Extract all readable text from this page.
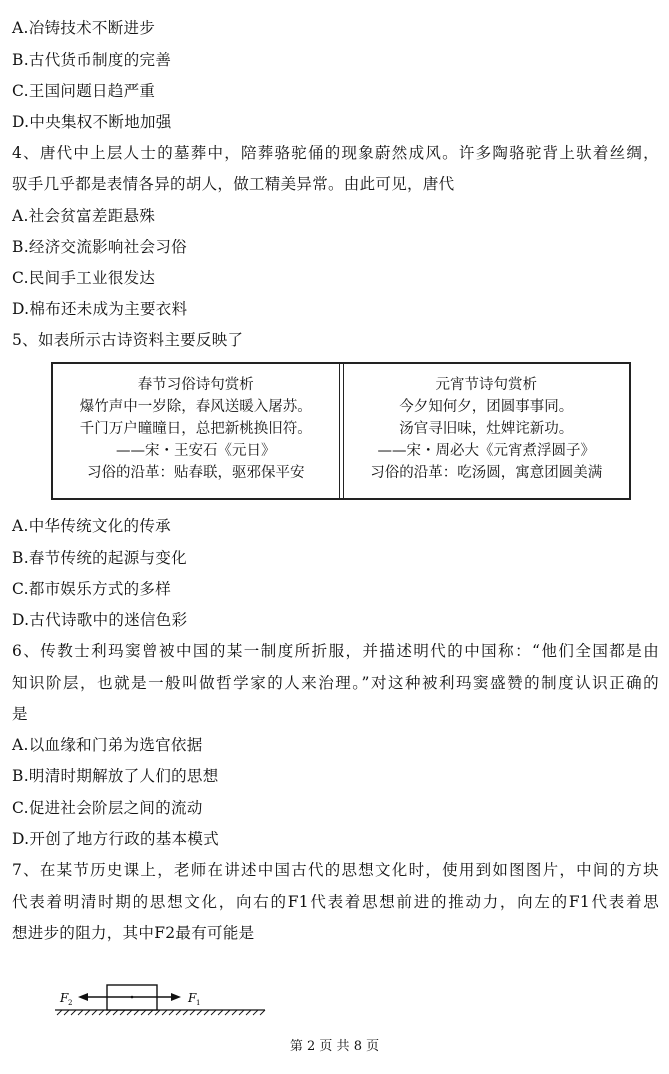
A.冶铸技术不断进步
B.古代货币制度的完善
C.王国问题日趋严重
D.中央集权不断地加强
4、唐代中上层人士的墓葬中，陪葬骆驼俑的现象蔚然成风。许多陶骆驼背上驮着丝绸，
驭手几乎都是表情各异的胡人，做工精美异常。由此可见，唐代
A.社会贫富差距悬殊
B.经济交流影响社会习俗
C.民间手工业很发达
D.棉布还未成为主要衣料
5、如表所示古诗资料主要反映了
春节习俗诗句赏析
爆竹声中一岁除，春风送暖入屠苏。
千门万户曈曈日，总把新桃换旧符。
——宋・王安石《元日》
习俗的沿革：贴春联，驱邪保平安
元宵节诗句赏析
今夕知何夕，团圆事事同。
汤官寻旧味，灶婢诧新功。
——宋・周必大《元宵煮浮圆子》
习俗的沿革：吃汤圆，寓意团圆美满
A.中华传统文化的传承
B.春节传统的起源与变化
C.都市娱乐方式的多样
D.古代诗歌中的迷信色彩
6、传教士利玛窦曾被中国的某一制度所折服，并描述明代的中国称：“他们全国都是由
知识阶层，也就是一般叫做哲学家的人来治理。”对这种被利玛窦盛赞的制度认识正确的
是
A.以血缘和门弟为选官依据
B.明清时期解放了人们的思想
C.促进社会阶层之间的流动
D.开创了地方行政的基本模式
7、在某节历史课上，老师在讲述中国古代的思想文化时，使用到如图图片，中间的方块
代表着明清时期的思想文化，向右的F1代表着思想前进的推动力，向左的F1代表着思
想进步的阻力，其中F2最有可能是
F 2	F 1
第 2 页 共 8 页
